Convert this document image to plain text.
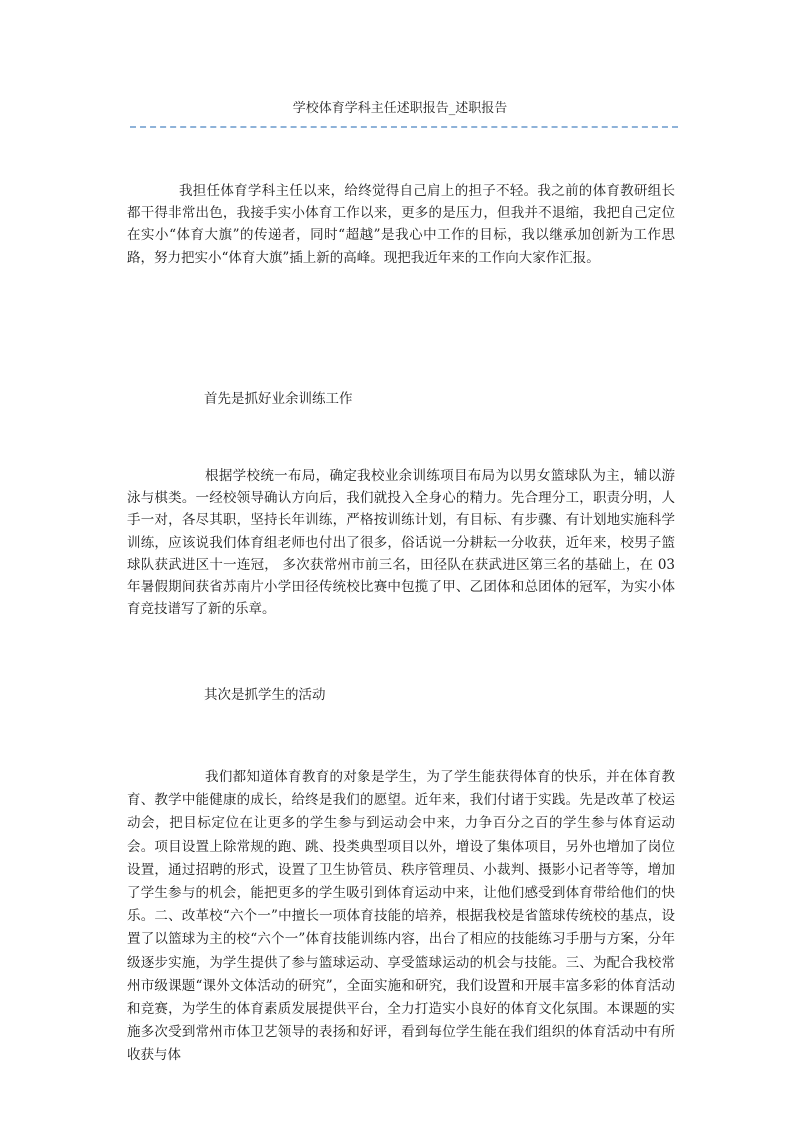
学校体育学科主任述职报告_述职报告

我担任体育学科主任以来，给终觉得自己肩上的担子不轻。我之前的体育教研组长都干得非常出色，我接手实小体育工作以来，更多的是压力，但我并不退缩，我把自己定位在实小“体育大旗”的传递者，同时“超越”是我心中工作的目标，我以继承加创新为工作思路，努力把实小“体育大旗”插上新的高峰。现把我近年来的工作向大家作汇报。

首先是抓好业余训练工作

根据学校统一布局，确定我校业余训练项目布局为以男女篮球队为主，辅以游泳与棋类。一经校领导确认方向后，我们就投入全身心的精力。先合理分工，职责分明，人手一对，各尽其职，坚持长年训练，严格按训练计划，有目标、有步骤、有计划地实施科学训练，应该说我们体育组老师也付出了很多，俗话说一分耕耘一分收获，近年来，校男子篮球队获武进区十一连冠， 多次获常州市前三名，田径队在获武进区第三名的基础上，在 03 年暑假期间获省苏南片小学田径传统校比赛中包揽了甲、乙团体和总团体的冠军，为实小体育竞技谱写了新的乐章。

其次是抓学生的活动

我们都知道体育教育的对象是学生，为了学生能获得体育的快乐，并在体育教育、教学中能健康的成长，给终是我们的愿望。近年来，我们付诸于实践。先是改革了校运动会，把目标定位在让更多的学生参与到运动会中来，力争百分之百的学生参与体育运动会。项目设置上除常规的跑、跳、投类典型项目以外，增设了集体项目，另外也增加了岗位设置，通过招聘的形式，设置了卫生协管员、秩序管理员、小裁判、摄影小记者等等，增加了学生参与的机会，能把更多的学生吸引到体育运动中来，让他们感受到体育带给他们的快乐。二、改革校“六个一”中擅长一项体育技能的培养，根据我校是省篮球传统校的基点，设置了以篮球为主的校“六个一”体育技能训练内容，出台了相应的技能练习手册与方案，分年级逐步实施，为学生提供了参与篮球运动、享受篮球运动的机会与技能。三、为配合我校常州市级课题“课外文体活动的研究”，全面实施和研究，我们设置和开展丰富多彩的体育活动和竞赛，为学生的体育素质发展提供平台，全力打造实小良好的体育文化氛围。本课题的实施多次受到常州市体卫艺领导的表扬和好评，看到每位学生能在我们组织的体育活动中有所收获与体
